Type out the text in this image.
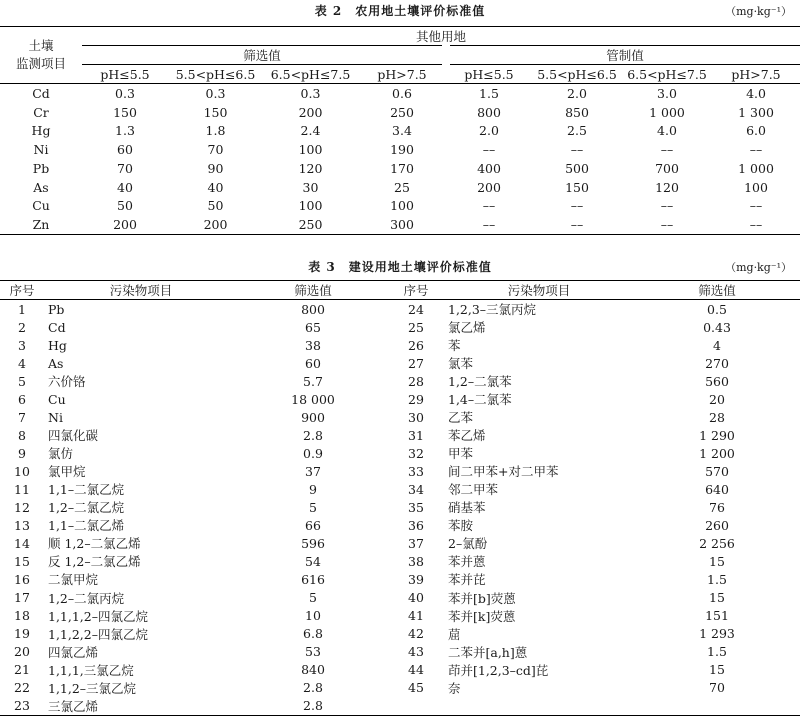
表 2　农用地土壤评价标准值	（mg·kg⁻¹）
土壤
监测项目	其他用地							
	筛选值				管制值			
	pH≤5.5	5.5<pH≤6.5	6.5<pH≤7.5	pH>7.5	pH≤5.5	5.5<pH≤6.5	6.5<pH≤7.5	pH>7.5
Cd	0.3	0.3	0.3	0.6	1.5	2.0	3.0	4.0
Cr	150	150	200	250	800	850	1 000	1 300
Hg	1.3	1.8	2.4	3.4	2.0	2.5	4.0	6.0
Ni	60	70	100	190	––	––	––	––
Pb	70	90	120	170	400	500	700	1 000
As	40	40	30	25	200	150	120	100
Cu	50	50	100	100	––	––	––	––
Zn	200	200	250	300	––	––	––	––
表 3　建设用地土壤评价标准值	（mg·kg⁻¹）
序号	污染物项目	筛选值	序号	污染物项目	筛选值
1	Pb	800	24	1,2,3–三氯丙烷	0.5
2	Cd	65	25	氯乙烯	0.43
3	Hg	38	26	苯	4
4	As	60	27	氯苯	270
5	六价铬	5.7	28	1,2–二氯苯	560
6	Cu	18 000	29	1,4–二氯苯	20
7	Ni	900	30	乙苯	28
8	四氯化碳	2.8	31	苯乙烯	1 290
9	氯仿	0.9	32	甲苯	1 200
10	氯甲烷	37	33	间二甲苯+对二甲苯	570
11	1,1–二氯乙烷	9	34	邻二甲苯	640
12	1,2–二氯乙烷	5	35	硝基苯	76
13	1,1–二氯乙烯	66	36	苯胺	260
14	顺 1,2–二氯乙烯	596	37	2–氯酚	2 256
15	反 1,2–二氯乙烯	54	38	苯并蒽	15
16	二氯甲烷	616	39	苯并芘	1.5
17	1,2–二氯丙烷	5	40	苯并[b]荧蒽	15
18	1,1,1,2–四氯乙烷	10	41	苯并[k]荧蒽	151
19	1,1,2,2–四氯乙烷	6.8	42	䓛	1 293
20	四氯乙烯	53	43	二苯并[a,h]蒽	1.5
21	1,1,1,三氯乙烷	840	44	茚并[1,2,3–cd]芘	15
22	1,1,2–三氯乙烷	2.8	45	奈	70
23	三氯乙烯	2.8			
